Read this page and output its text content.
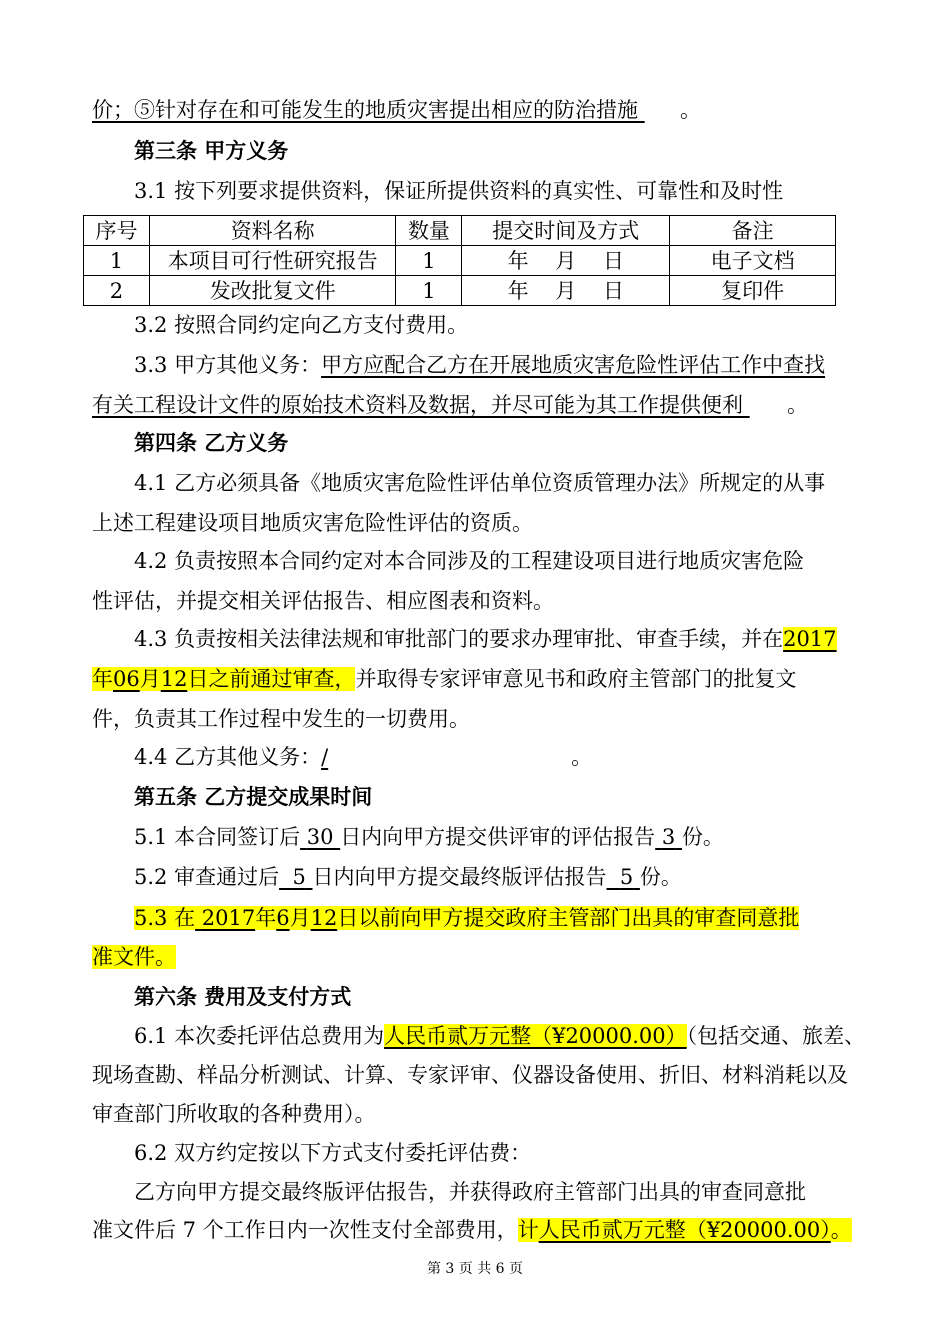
价；⑤针对存在和可能发生的地质灾害提出相应的防治措施 。
第三条 甲方义务
3.1 按下列要求提供资料，保证所提供资料的真实性、可靠性和及时性
序号	资料名称	数量	提交时间及方式	备注
1	本项目可行性研究报告	1	年    月    日	电子文档
2	发改批复文件	1	年    月    日	复印件
3.2 按照合同约定向乙方支付费用。
3.3 甲方其他义务：甲方应配合乙方在开展地质灾害危险性评估工作中查找
有关工程设计文件的原始技术资料及数据，并尽可能为其工作提供便利 。
第四条 乙方义务
4.1 乙方必须具备《地质灾害危险性评估单位资质管理办法》所规定的从事
上述工程建设项目地质灾害危险性评估的资质。
4.2 负责按照本合同约定对本合同涉及的工程建设项目进行地质灾害危险
性评估，并提交相关评估报告、相应图表和资料。
4.3 负责按相关法律法规和审批部门的要求办理审批、审查手续，并在2017
年06月12日之前通过审查，并取得专家评审意见书和政府主管部门的批复文
件，负责其工作过程中发生的一切费用。
4.4 乙方其他义务：/	。
第五条 乙方提交成果时间
5.1 本合同签订后 30 日内向甲方提交供评审的评估报告 3 份。
5.2 审查通过后 5 日内向甲方提交最终版评估报告 5 份。
5.3 在 2017年6月12日以前向甲方提交政府主管部门出具的审查同意批
准文件。
第六条 费用及支付方式
6.1 本次委托评估总费用为人民币贰万元整（¥20000.00）（包括交通、旅差、
现场查勘、样品分析测试、计算、专家评审、仪器设备使用、折旧、材料消耗以及
审查部门所收取的各种费用）。
6.2 双方约定按以下方式支付委托评估费：
乙方向甲方提交最终版评估报告，并获得政府主管部门出具的审查同意批
准文件后 7 个工作日内一次性支付全部费用，计人民币贰万元整（¥20000.00）。
第 3 页 共 6 页
